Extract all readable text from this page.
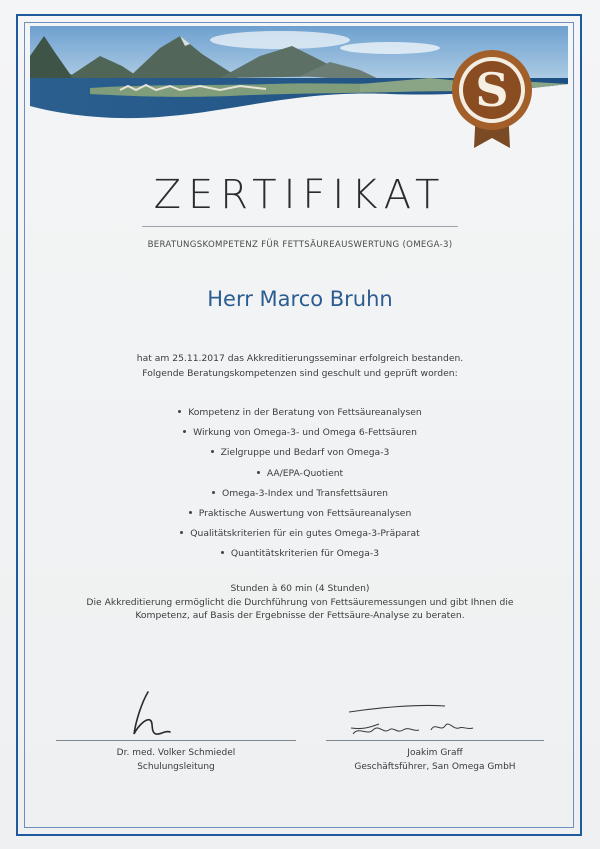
S
ZERTIFIKAT
BERATUNGSKOMPETENZ FÜR FETTSÄUREAUSWERTUNG (OMEGA-3)
Herr Marco Bruhn
hat am 25.11.2017 das Akkreditierungsseminar erfolgreich bestanden.
Folgende Beratungskompetenzen sind geschult und geprüft worden:
Kompetenz in der Beratung von Fettsäureanalysen
Wirkung von Omega-3- und Omega 6-Fettsäuren
Zielgruppe und Bedarf von Omega-3
AA/EPA-Quotient
Omega-3-Index und Transfettsäuren
Praktische Auswertung von Fettsäureanalysen
Qualitätskriterien für ein gutes Omega-3-Präparat
Quantitätskriterien für Omega-3
Stunden à 60 min (4 Stunden)
Die Akkreditierung ermöglicht die Durchführung von Fettsäuremessungen und gibt Ihnen die
Kompetenz, auf Basis der Ergebnisse der Fettsäure-Analyse zu beraten.
Dr. med. Volker Schmiedel
Schulungsleitung
Joakim Graff
Geschäftsführer, San Omega GmbH
